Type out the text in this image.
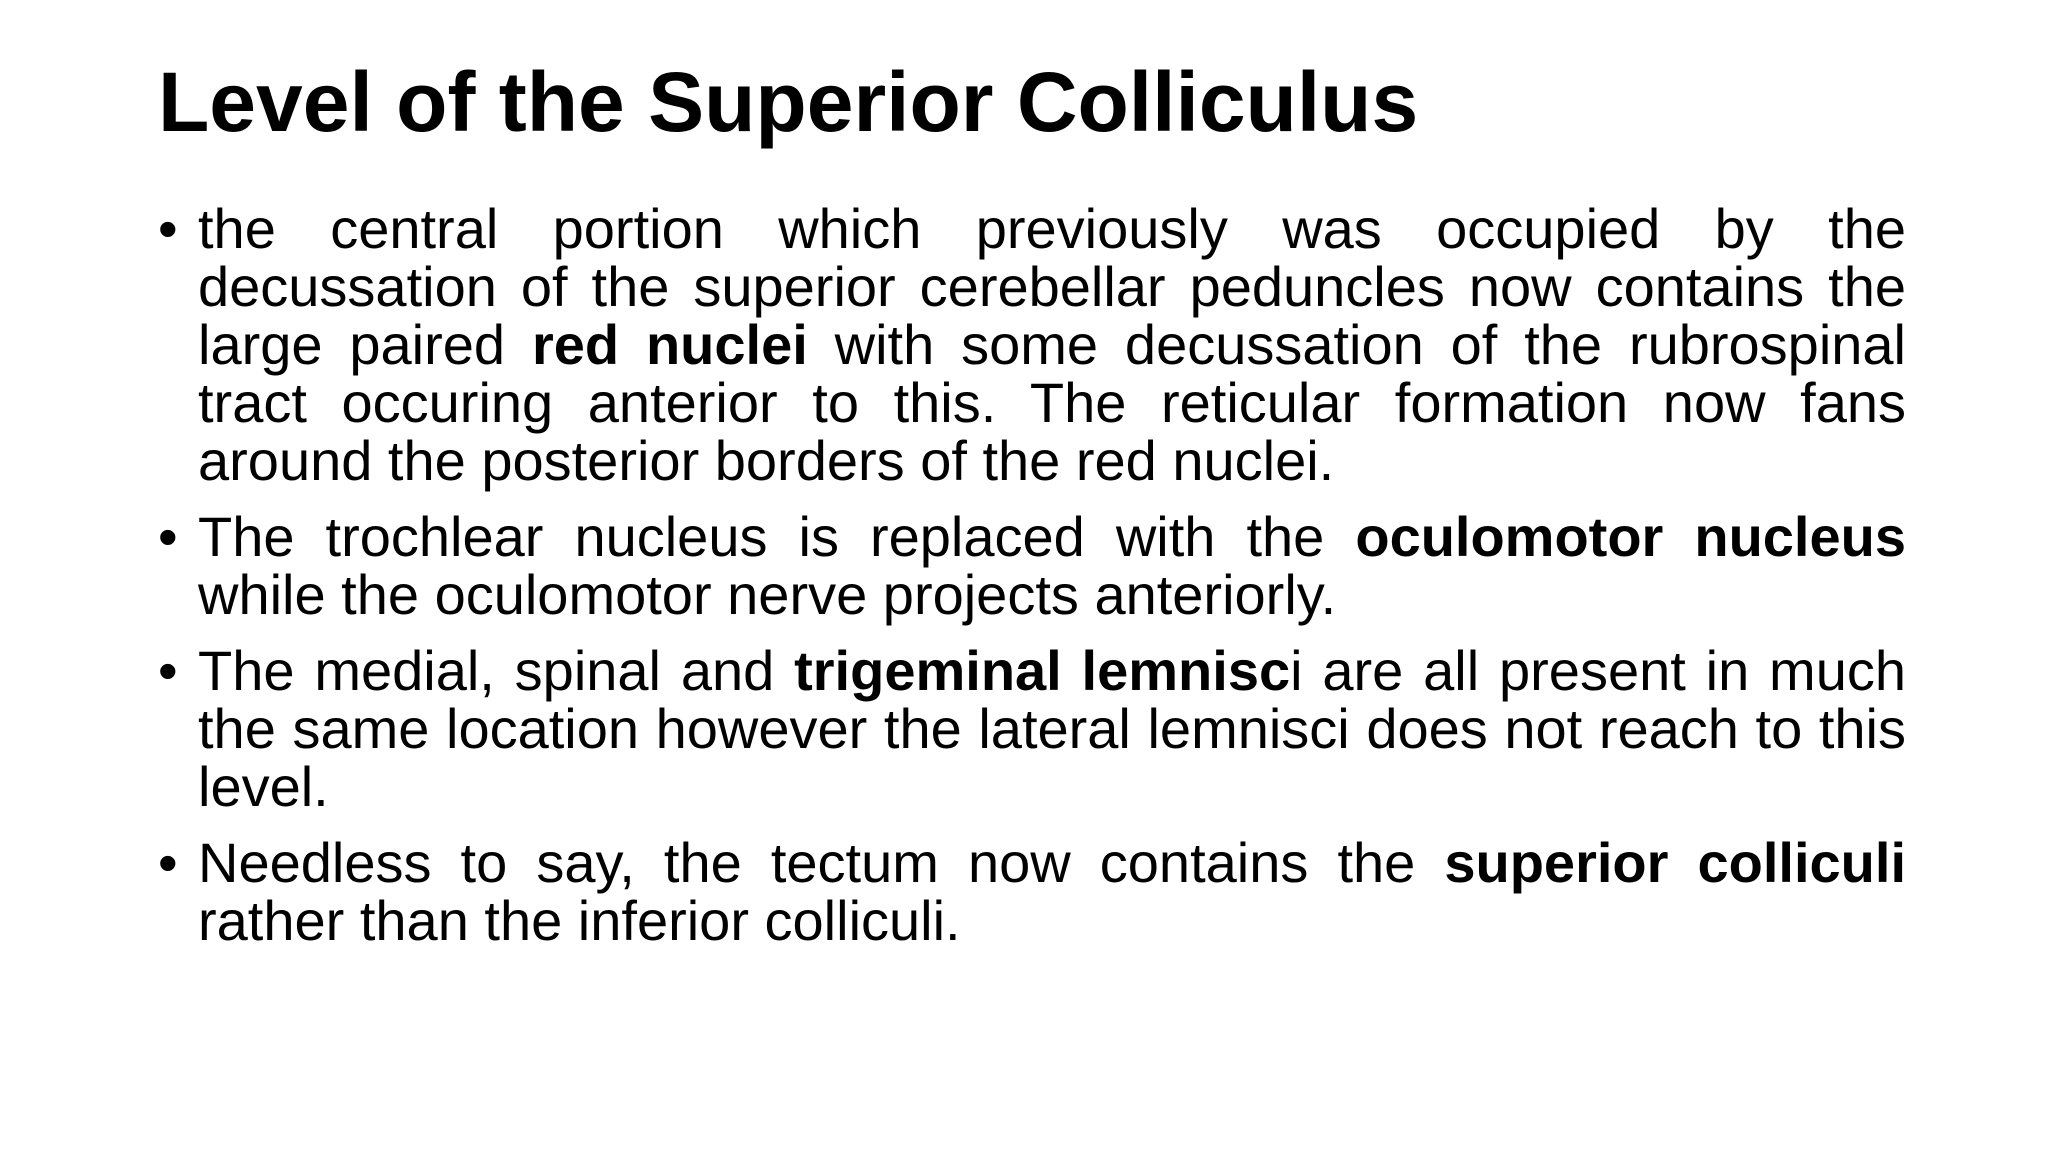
Level of the Superior Colliculus
• the central portion which previously was occupied by the decussation of the superior cerebellar peduncles now contains the large paired red nuclei with some decussation of the rubrospinal tract occuring anterior to this. The reticular formation now fans around the posterior borders of the red nuclei.
• The trochlear nucleus is replaced with the oculomotor nucleus while the oculomotor nerve projects anteriorly.
• The medial, spinal and trigeminal lemnisci are all present in much the same location however the lateral lemnisci does not reach to this level.
• Needless to say, the tectum now contains the superior colliculi rather than the inferior colliculi.
